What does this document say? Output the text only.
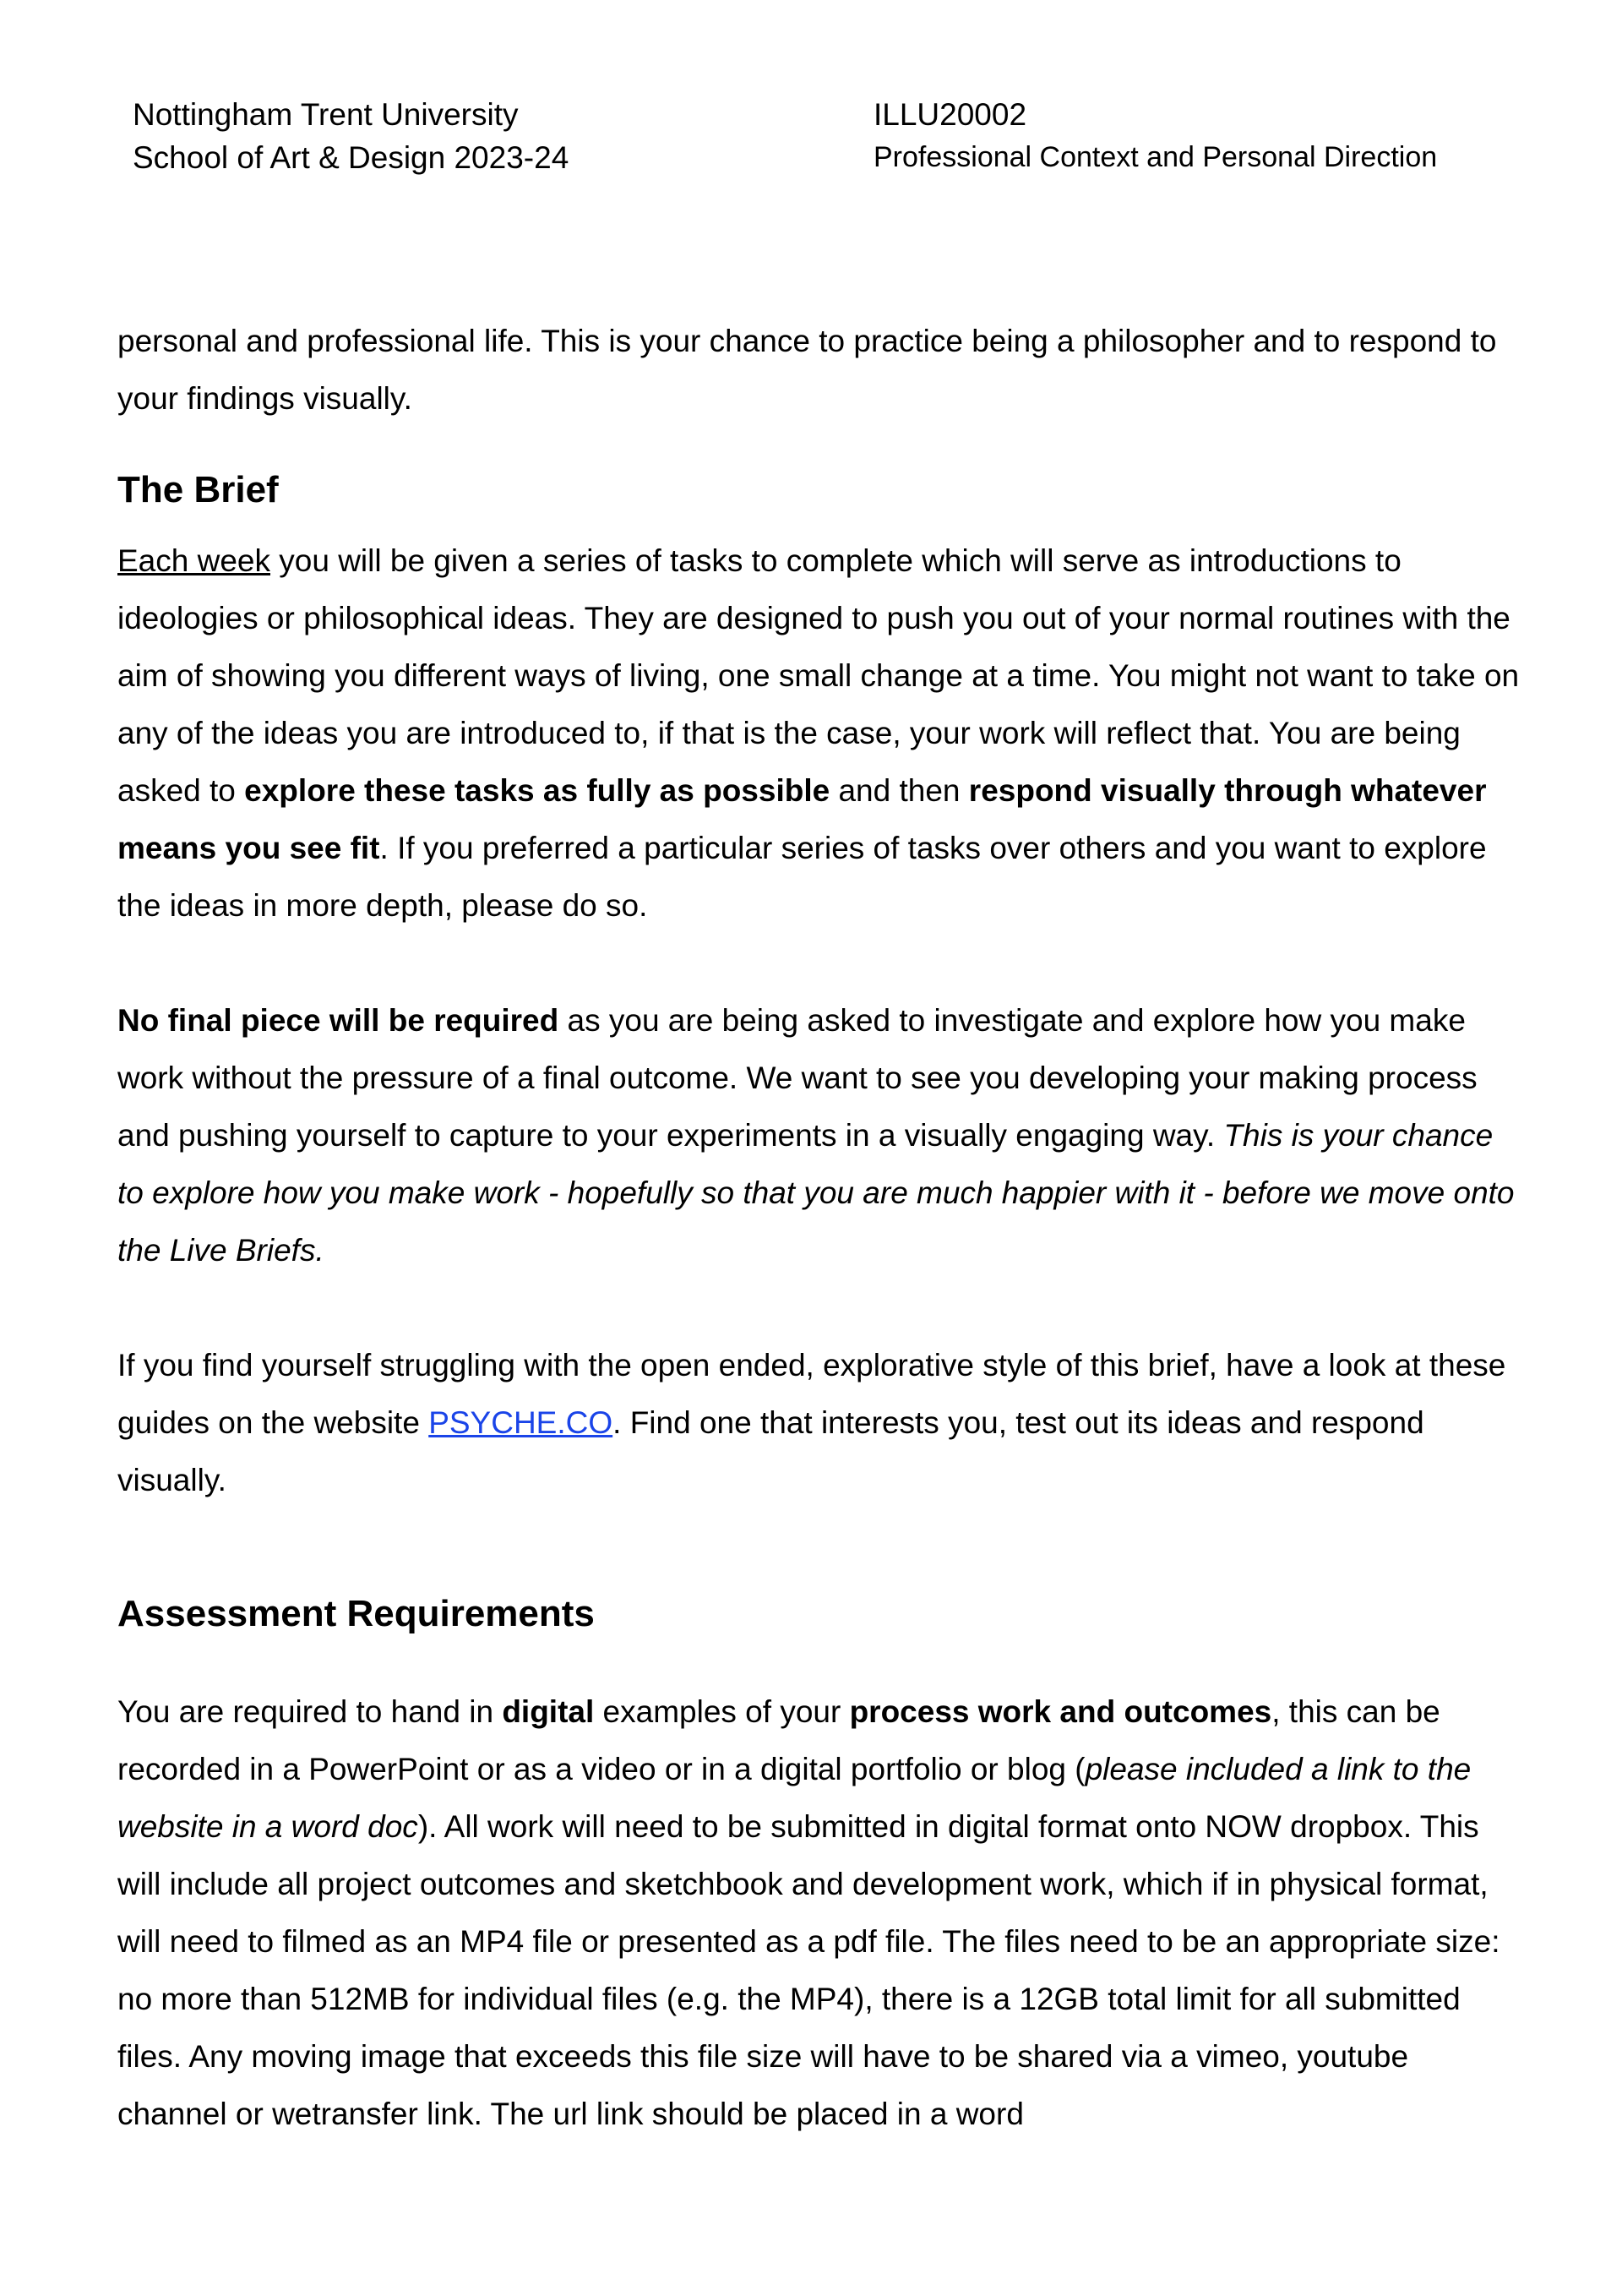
Nottingham Trent University
School of Art & Design 2023-24
ILLU20002
Professional Context and Personal Direction

personal and professional life. This is your chance to practice being a philosopher and to respond to your findings visually.

The Brief

Each week you will be given a series of tasks to complete which will serve as introductions to ideologies or philosophical ideas. They are designed to push you out of your normal routines with the aim of showing you different ways of living, one small change at a time. You might not want to take on any of the ideas you are introduced to, if that is the case, your work will reflect that. You are being asked to explore these tasks as fully as possible and then respond visually through whatever means you see fit. If you preferred a particular series of tasks over others and you want to explore the ideas in more depth, please do so.

No final piece will be required as you are being asked to investigate and explore how you make work without the pressure of a final outcome. We want to see you developing your making process and pushing yourself to capture to your experiments in a visually engaging way. This is your chance to explore how you make work - hopefully so that you are much happier with it - before we move onto the Live Briefs.

If you find yourself struggling with the open ended, explorative style of this brief, have a look at these guides on the website PSYCHE.CO. Find one that interests you, test out its ideas and respond visually.

Assessment Requirements

You are required to hand in digital examples of your process work and outcomes, this can be recorded in a PowerPoint or as a video or in a digital portfolio or blog (please included a link to the website in a word doc). All work will need to be submitted in digital format onto NOW dropbox. This will include all project outcomes and sketchbook and development work, which if in physical format, will need to filmed as an MP4 file or presented as a pdf file. The files need to be an appropriate size: no more than 512MB for individual files (e.g. the MP4), there is a 12GB total limit for all submitted files. Any moving image that exceeds this file size will have to be shared via a vimeo, youtube channel or wetransfer link. The url link should be placed in a word
